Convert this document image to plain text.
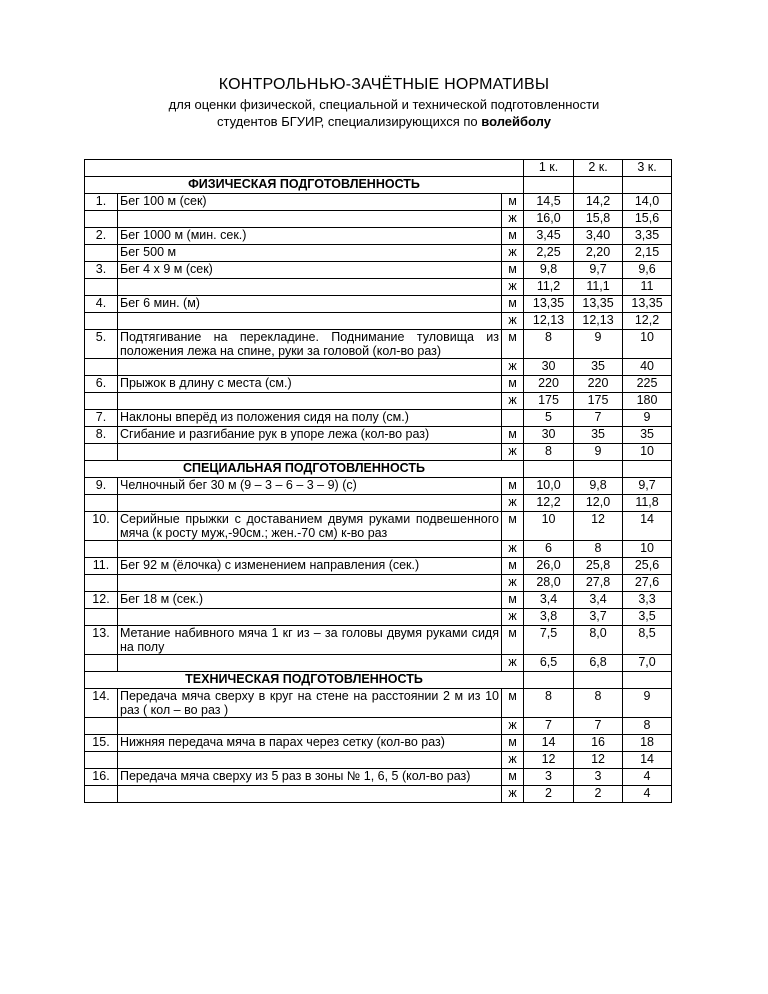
КОНТРОЛЬНЬЮ-ЗАЧЁТНЫЕ НОРМАТИВЫ
для оценки физической, специальной и технической подготовленности
студентов БГУИР, специализирующихся по волейболу
			1 к.	2 к.	3 к.
ФИЗИЧЕСКАЯ ПОДГОТОВЛЕННОСТЬ					
1.	Бег 100 м (сек)	м	14,5	14,2	14,0
		ж	16,0	15,8	15,6
2.	Бег 1000 м (мин. сек.)	м	3,45	3,40	3,35
	Бег 500 м	ж	2,25	2,20	2,15
3.	Бег 4 х 9 м (сек)	м	9,8	9,7	9,6
		ж	11,2	11,1	11
4.	Бег 6 мин. (м)	м	13,35	13,35	13,35
		ж	12,13	12,13	12,2
5.	Подтягивание на перекладине. Поднимание туловища из положения лежа на спине, руки за головой (кол-во раз)	м	8	9	10
		ж	30	35	40
6.	Прыжок в длину с места (см.)	м	220	220	225
		ж	175	175	180
7.	Наклоны вперёд из положения сидя на полу (см.)		5	7	9
8.	Сгибание и разгибание рук в упоре лежа (кол-во раз)	м	30	35	35
		ж	8	9	10
СПЕЦИАЛЬНАЯ ПОДГОТОВЛЕННОСТЬ					
9.	Челночный бег 30 м (9 – 3 – 6 – 3 – 9) (с)	м	10,0	9,8	9,7
		ж	12,2	12,0	11,8
10.	Серийные прыжки с доставанием двумя руками подвешенного мяча (к росту муж,-90см.; жен.-70 см) к-во раз	м	10	12	14
		ж	6	8	10
11.	Бег 92 м (ёлочка) с изменением направления (сек.)	м	26,0	25,8	25,6
		ж	28,0	27,8	27,6
12.	Бег 18 м (сек.)	м	3,4	3,4	3,3
		ж	3,8	3,7	3,5
13.	Метание набивного мяча 1 кг из – за головы двумя руками сидя на полу	м	7,5	8,0	8,5
		ж	6,5	6,8	7,0
ТЕХНИЧЕСКАЯ ПОДГОТОВЛЕННОСТЬ					
14.	Передача мяча сверху в круг на стене на расстоянии 2 м из 10 раз ( кол – во раз )	м	8	8	9
		ж	7	7	8
15.	Нижняя передача мяча в парах через сетку (кол-во раз)	м	14	16	18
		ж	12	12	14
16.	Передача мяча сверху из 5 раз в зоны № 1, 6, 5 (кол-во раз)	м	3	3	4
		ж	2	2	4
